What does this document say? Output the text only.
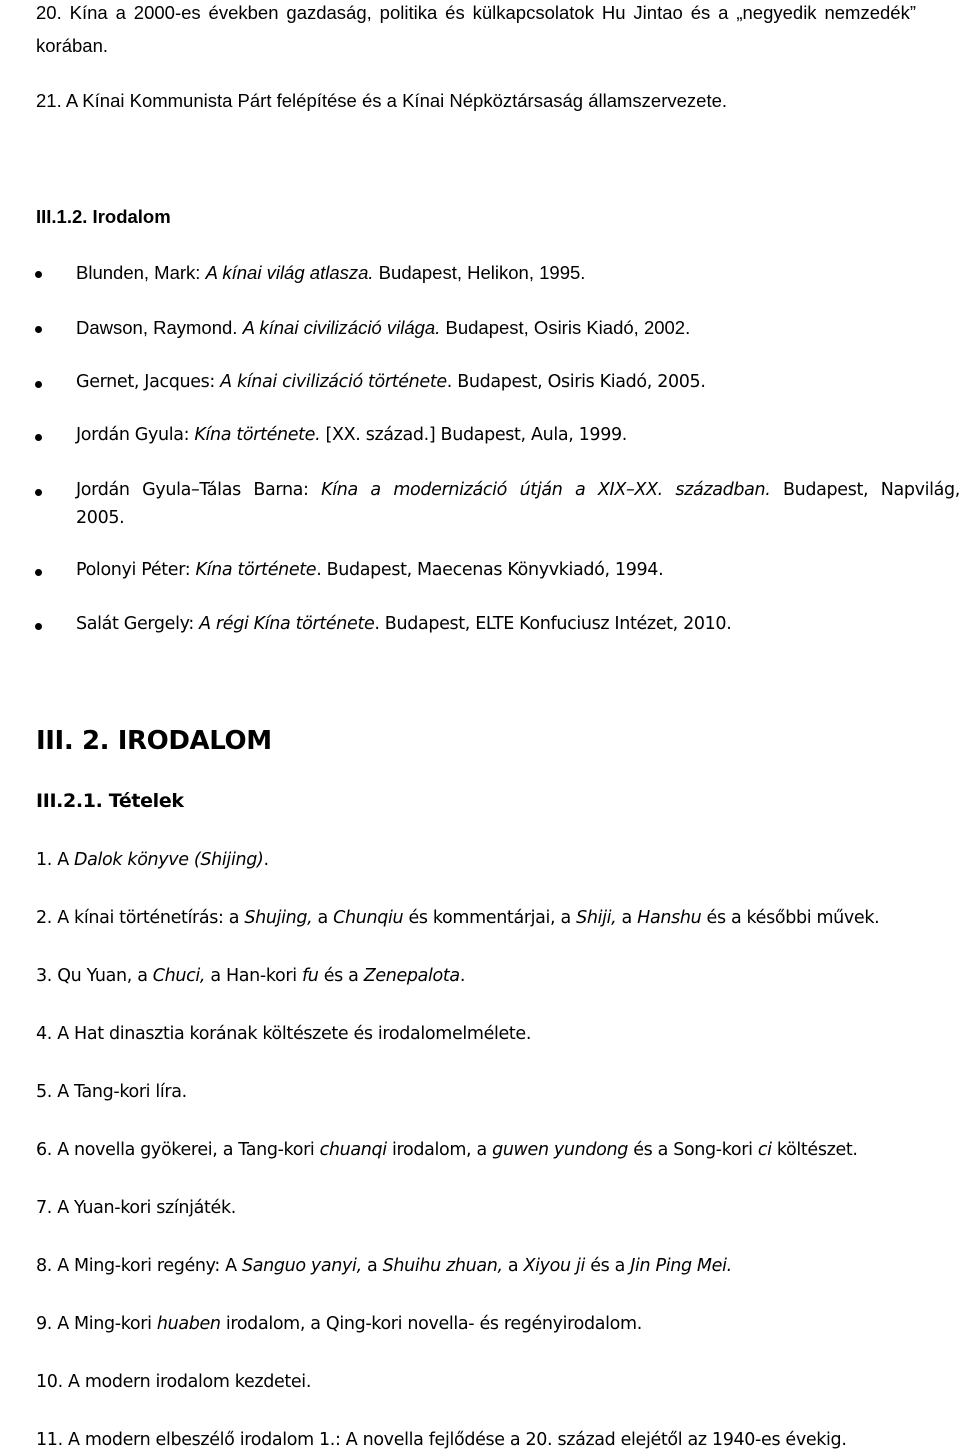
20. Kína a 2000-es években gazdaság, politika és külkapcsolatok Hu Jintao és a „negyedik nemzedék”
korában.
21. A Kínai Kommunista Párt felépítése és a Kínai Népköztársaság államszervezete.
III.1.2. Irodalom
Blunden, Mark: A kínai világ atlasza. Budapest, Helikon, 1995.
Dawson, Raymond. A kínai civilizáció világa. Budapest, Osiris Kiadó, 2002.
Gernet, Jacques: A kínai civilizáció története. Budapest, Osiris Kiadó, 2005.
Jordán Gyula: Kína története. [XX. század.] Budapest, Aula, 1999.
Jordán Gyula–Tálas Barna: Kína a modernizáció útján a XIX–XX. században. Budapest, Napvilág,
2005.
Polonyi Péter: Kína története. Budapest, Maecenas Könyvkiadó, 1994.
Salát Gergely: A régi Kína története. Budapest, ELTE Konfuciusz Intézet, 2010.
III. 2. IRODALOM
III.2.1. Tételek
1. A Dalok könyve (Shijing).
2. A kínai történetírás: a Shujing, a Chunqiu és kommentárjai, a Shiji, a Hanshu és a későbbi művek.
3. Qu Yuan, a Chuci, a Han-kori fu és a Zenepalota.
4. A Hat dinasztia korának költészete és irodalomelmélete.
5. A Tang-kori líra.
6. A novella gyökerei, a Tang-kori chuanqi irodalom, a guwen yundong és a Song-kori ci költészet.
7. A Yuan-kori színjáték.
8. A Ming-kori regény: A Sanguo yanyi, a Shuihu zhuan, a Xiyou ji és a Jin Ping Mei.
9. A Ming-kori huaben irodalom, a Qing-kori novella- és regényirodalom.
10. A modern irodalom kezdetei.
11. A modern elbeszélő irodalom 1.: A novella fejlődése a 20. század elejétől az 1940-es évekig.
